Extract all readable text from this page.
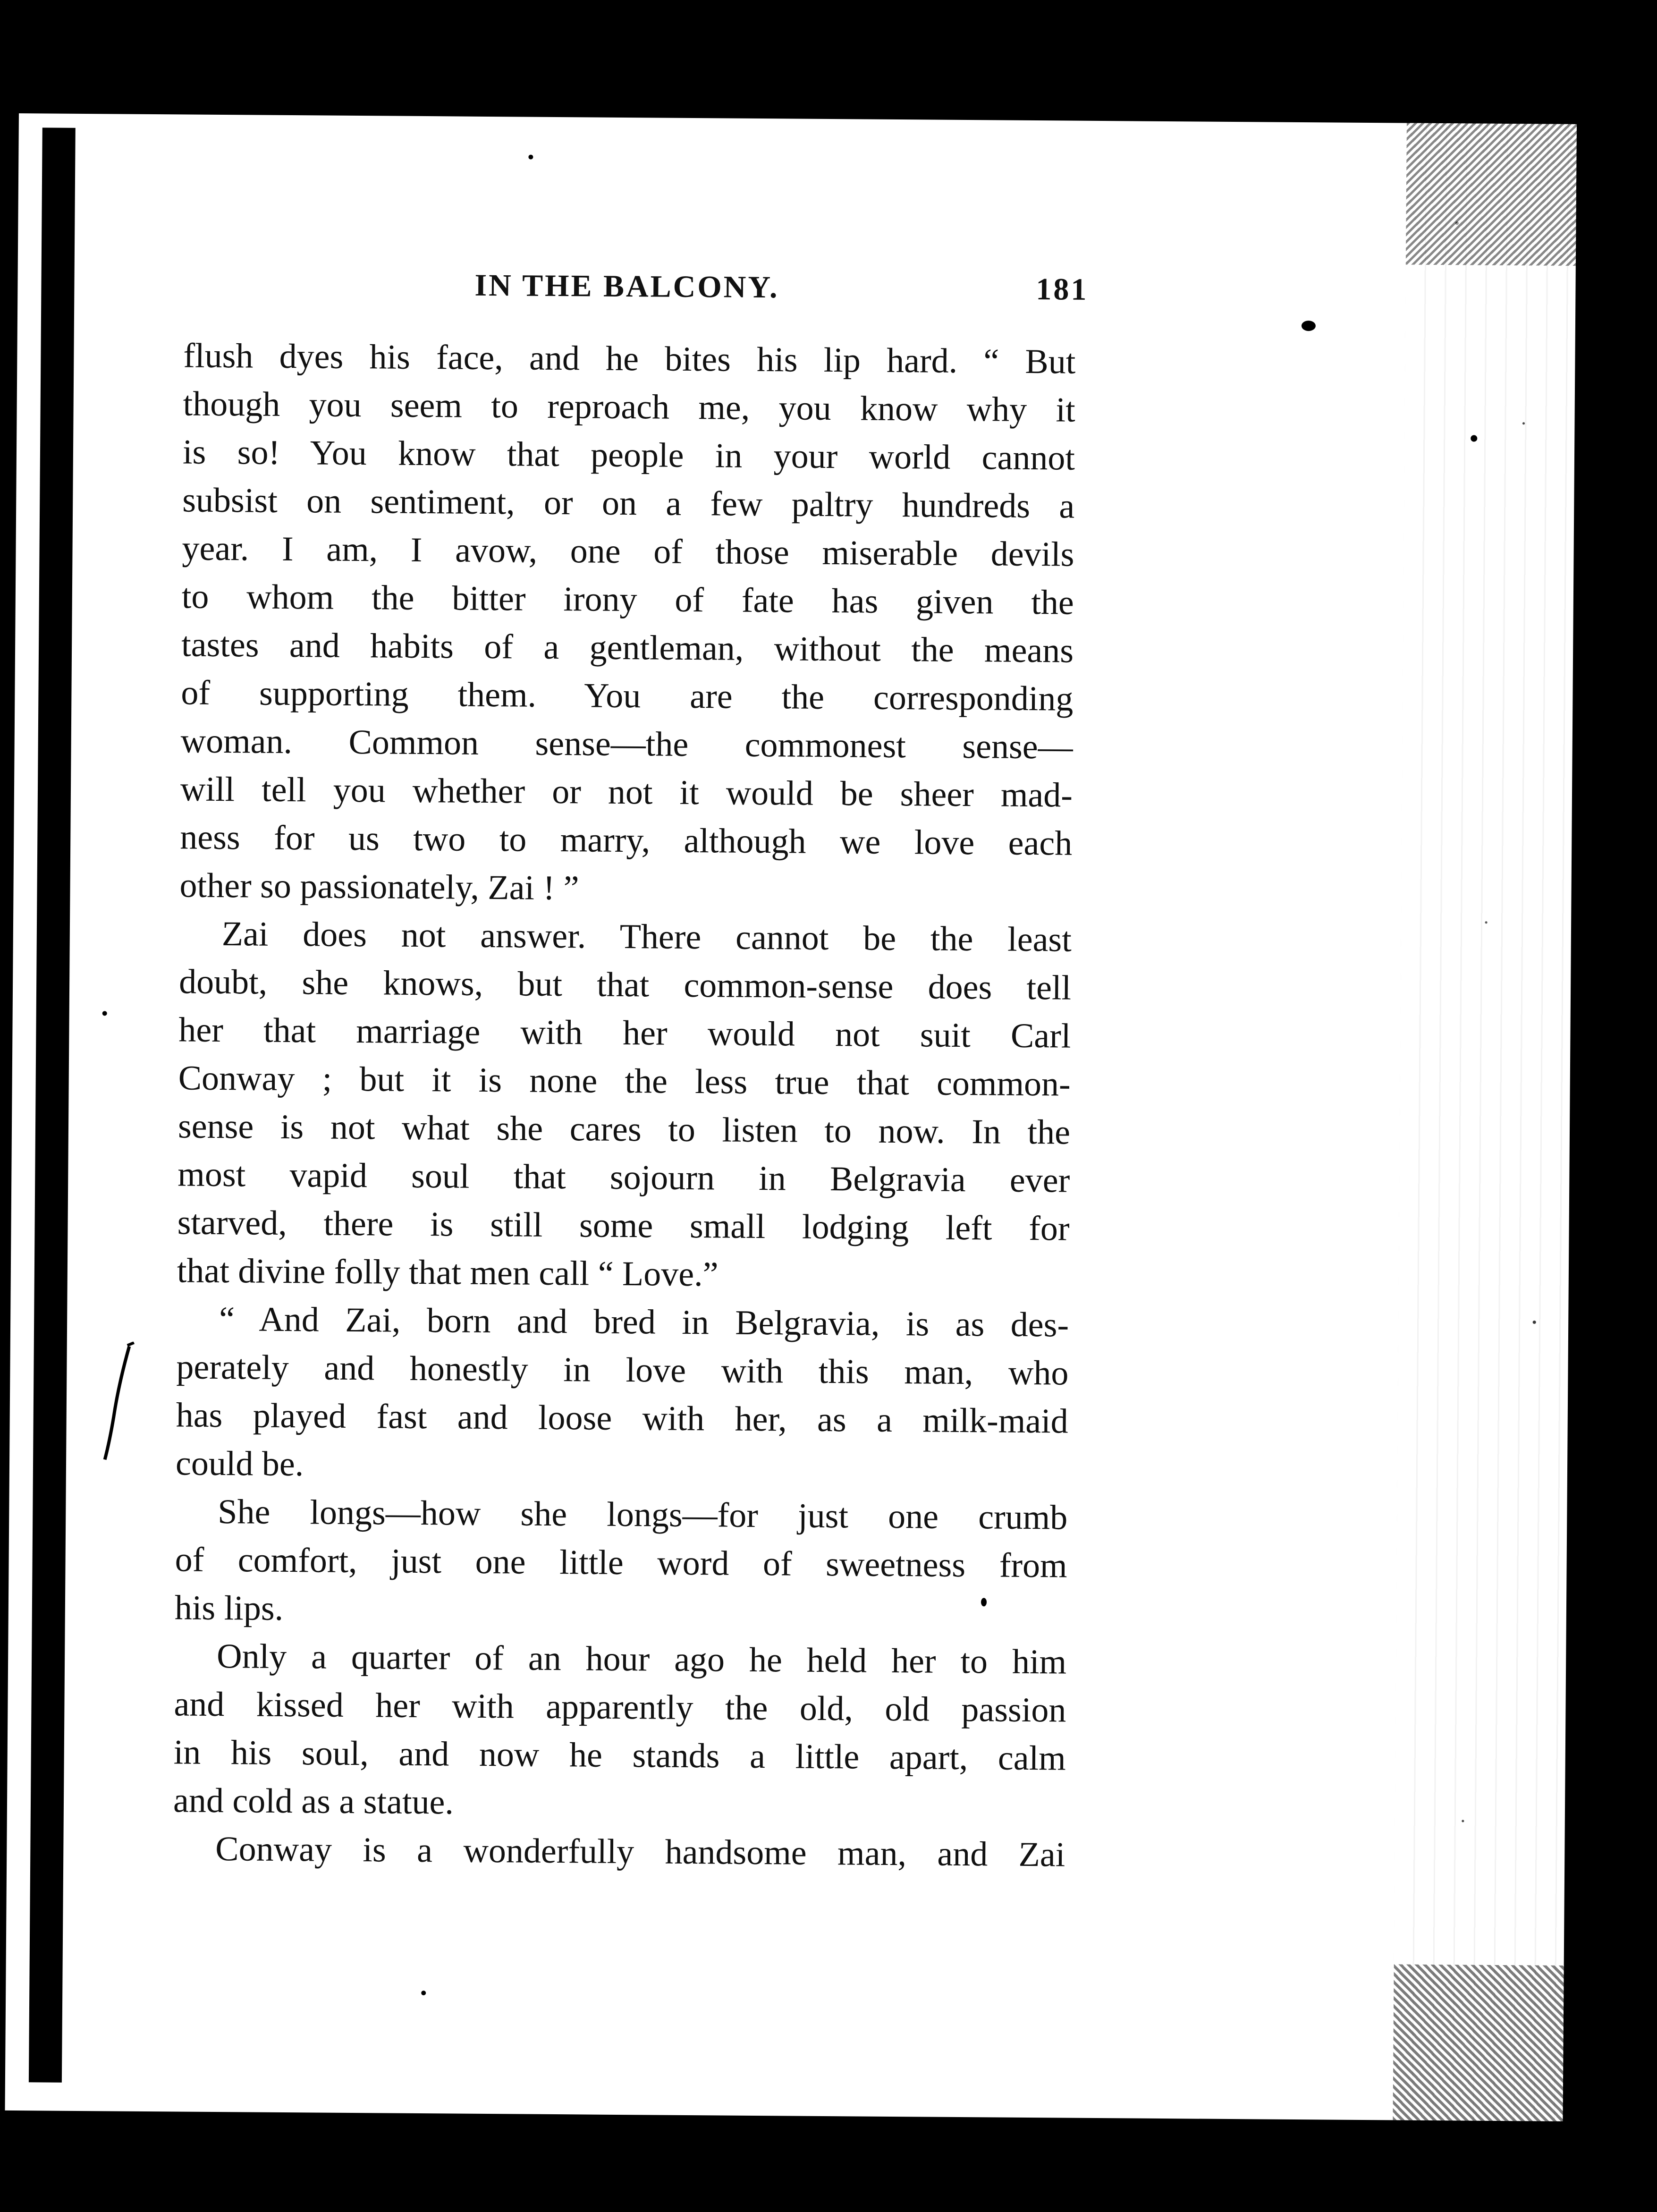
IN THE BALCONY.	181
flush dyes his face, and he bites his lip hard. “ But
though you seem to reproach me, you know why it
is so! You know that people in your world cannot
subsist on sentiment, or on a few paltry hundreds a
year. I am, I avow, one of those miserable devils
to whom the bitter irony of fate has given the
tastes and habits of a gentleman, without the means
of supporting them. You are the corresponding
woman. Common sense—the commonest sense—
will tell you whether or not it would be sheer mad-
ness for us two to marry, although we love each
other so passionately, Zai ! ”
Zai does not answer. There cannot be the least
doubt, she knows, but that common-sense does tell
her that marriage with her would not suit Carl
Conway ; but it is none the less true that common-
sense is not what she cares to listen to now. In the
most vapid soul that sojourn in Belgravia ever
starved, there is still some small lodging left for
that divine folly that men call “ Love.”
“ And Zai, born and bred in Belgravia, is as des-
perately and honestly in love with this man, who
has played fast and loose with her, as a milk-maid
could be.
She longs—how she longs—for just one crumb
of comfort, just one little word of sweetness from
his lips.
Only a quarter of an hour ago he held her to him
and kissed her with apparently the old, old passion
in his soul, and now he stands a little apart, calm
and cold as a statue.
Conway is a wonderfully handsome man, and Zai
